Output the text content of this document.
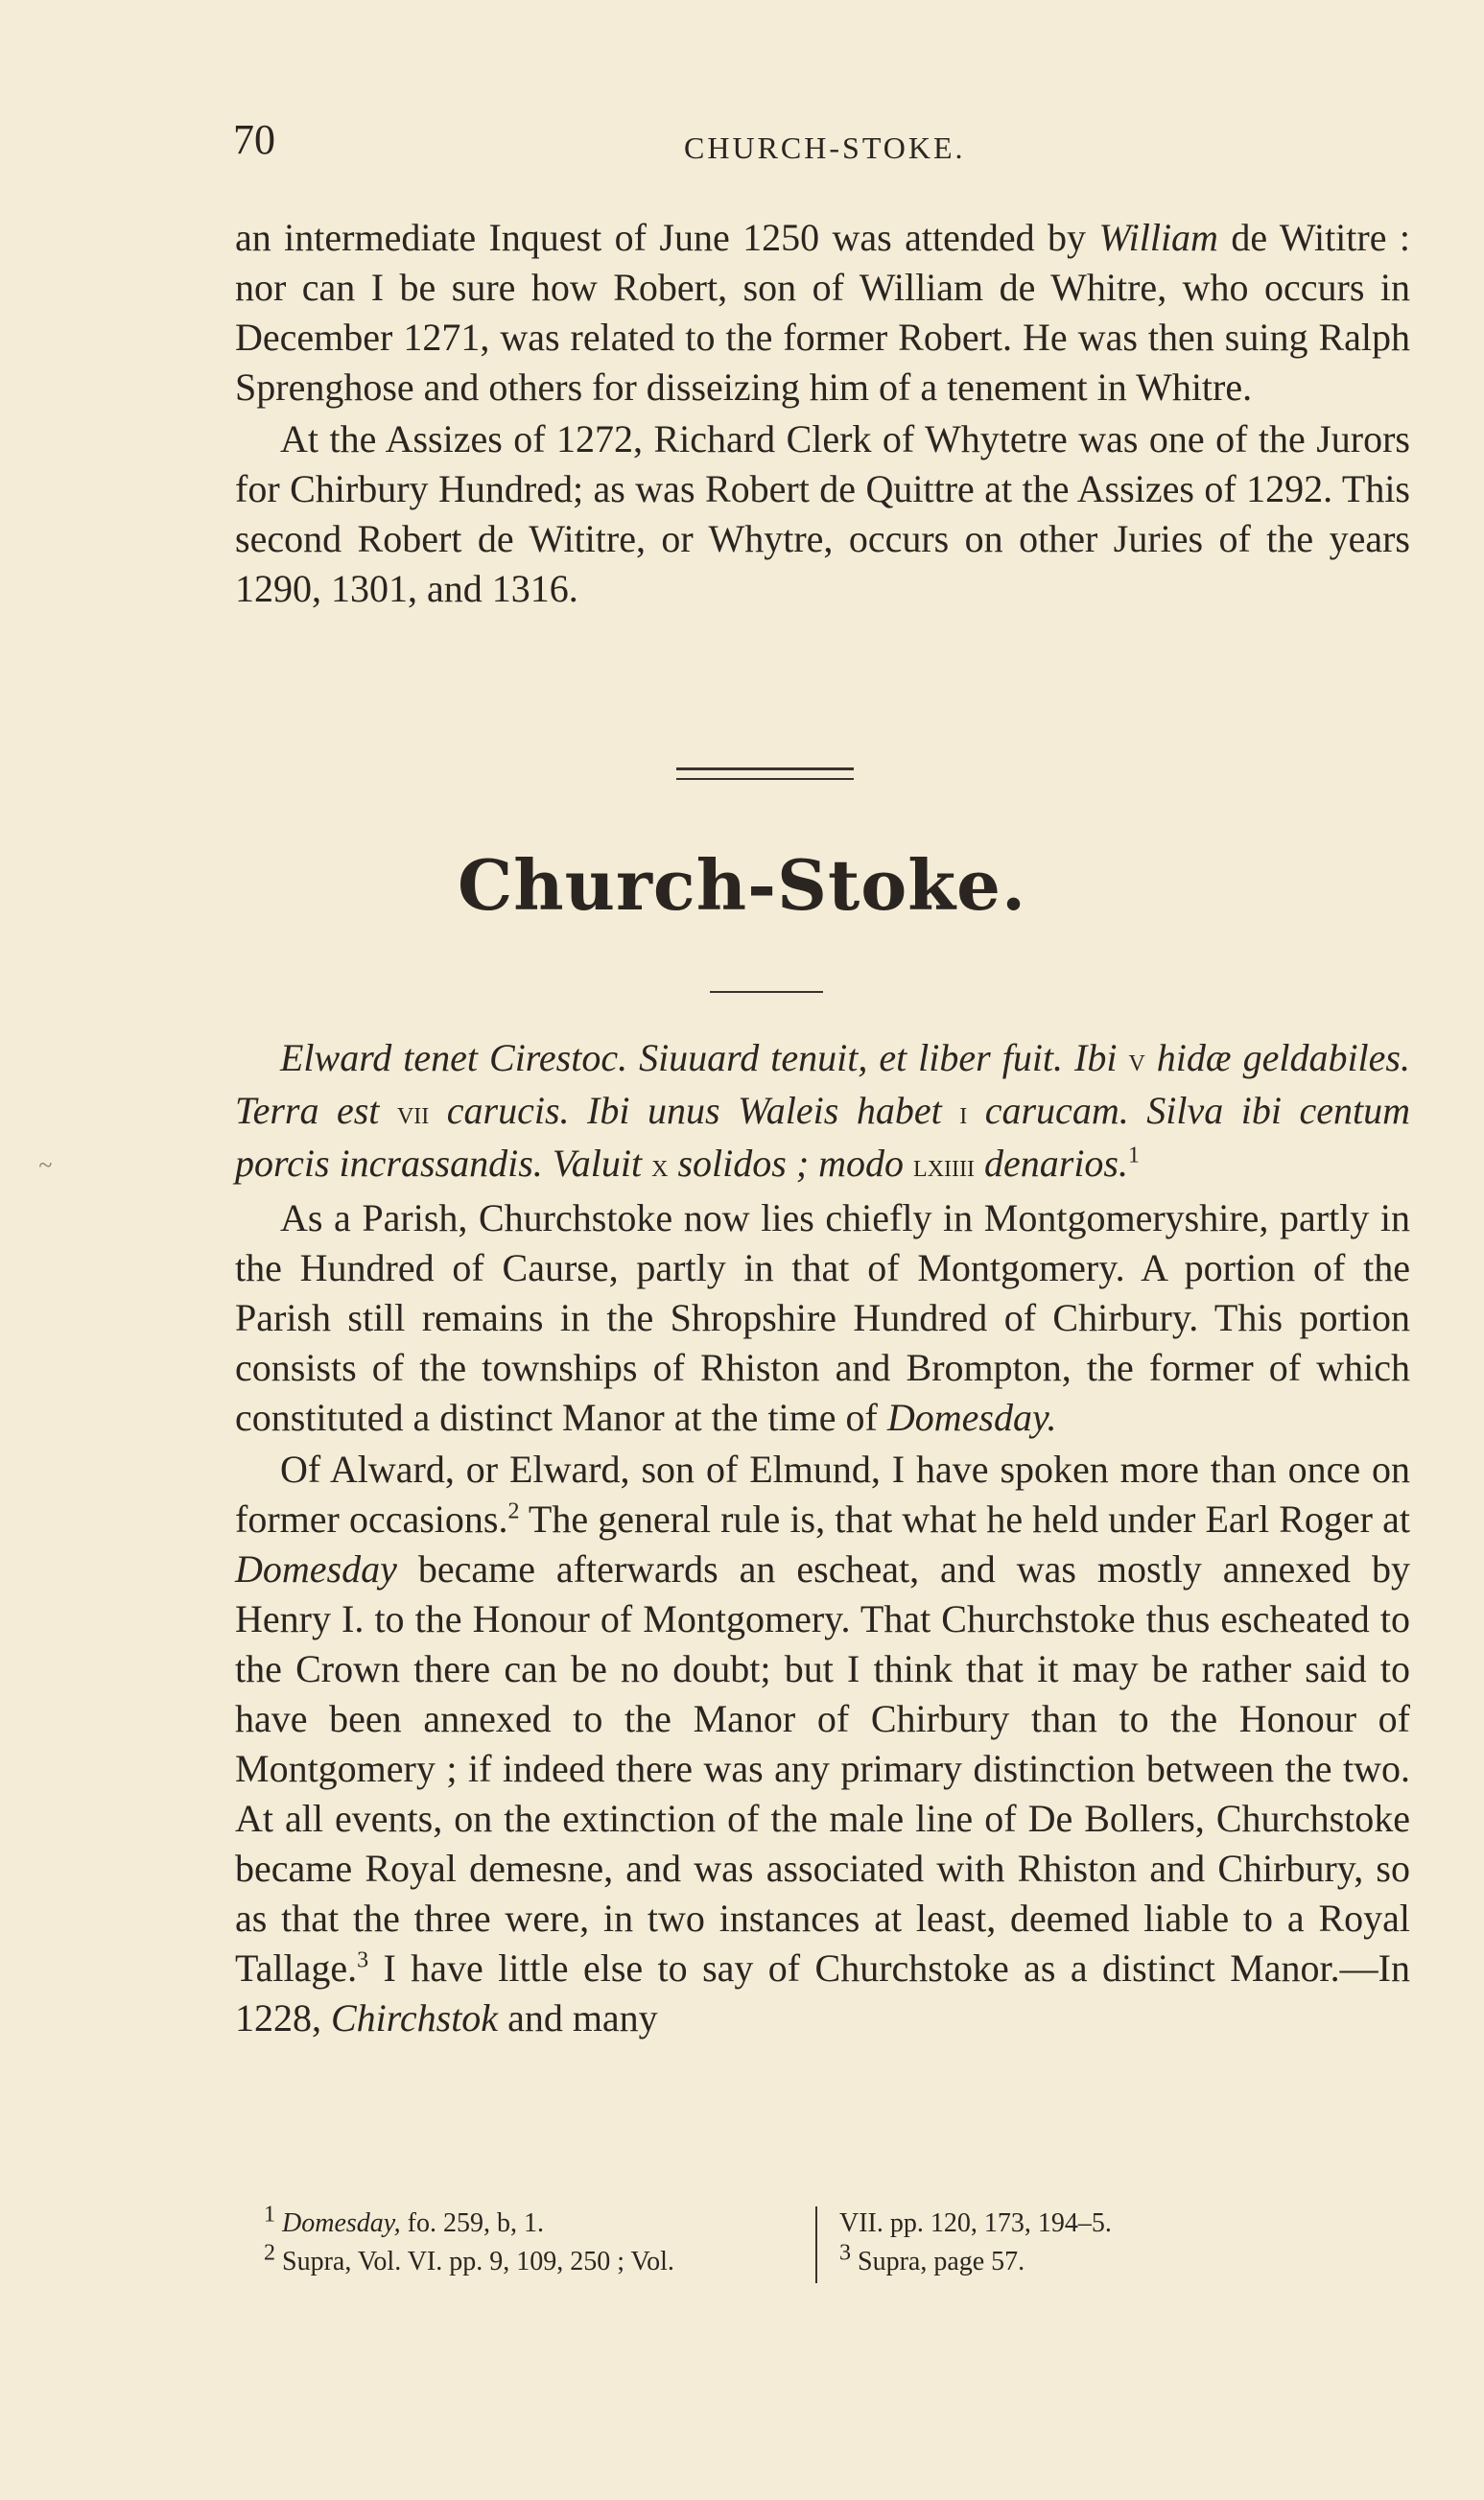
70	CHURCH-STOKE.

an intermediate Inquest of June 1250 was attended by William de Wititre : nor can I be sure how Robert, son of William de Whitre, who occurs in December 1271, was related to the former Robert. He was then suing Ralph Sprenghose and others for disseizing him of a tenement in Whitre.

At the Assizes of 1272, Richard Clerk of Whytetre was one of the Jurors for Chirbury Hundred; as was Robert de Quittre at the Assizes of 1292. This second Robert de Wititre, or Whytre, occurs on other Juries of the years 1290, 1301, and 1316.

Church-Stoke.
~

Elward tenet Cirestoc. Siuuard tenuit, et liber fuit. Ibi v hidæ geldabiles. Terra est vii carucis. Ibi unus Waleis habet i carucam. Silva ibi centum porcis incrassandis. Valuit x solidos ; modo lxiiii denarios.$^1$

As a Parish, Churchstoke now lies chiefly in Montgomeryshire, partly in the Hundred of Caurse, partly in that of Montgomery. A portion of the Parish still remains in the Shropshire Hundred of Chirbury. This portion consists of the townships of Rhiston and Brompton, the former of which constituted a distinct Manor at the time of Domesday.

Of Alward, or Elward, son of Elmund, I have spoken more than once on former occasions.$^2$ The general rule is, that what he held under Earl Roger at Domesday became afterwards an escheat, and was mostly annexed by Henry I. to the Honour of Montgomery. That Churchstoke thus escheated to the Crown there can be no doubt; but I think that it may be rather said to have been annexed to the Manor of Chirbury than to the Honour of Montgomery ; if indeed there was any primary distinction between the two. At all events, on the extinction of the male line of De Bollers, Churchstoke became Royal demesne, and was associated with Rhiston and Chirbury, so as that the three were, in two instances at least, deemed liable to a Royal Tallage.$^3$ I have little else to say of Churchstoke as a distinct Manor.—In 1228, Chirchstok and many

$^1$ Domesday, fo. 259, b, 1.
$^2$ Supra, Vol. VI. pp. 9, 109, 250 ; Vol.
VII. pp. 120, 173, 194–5.
$^3$ Supra, page 57.
